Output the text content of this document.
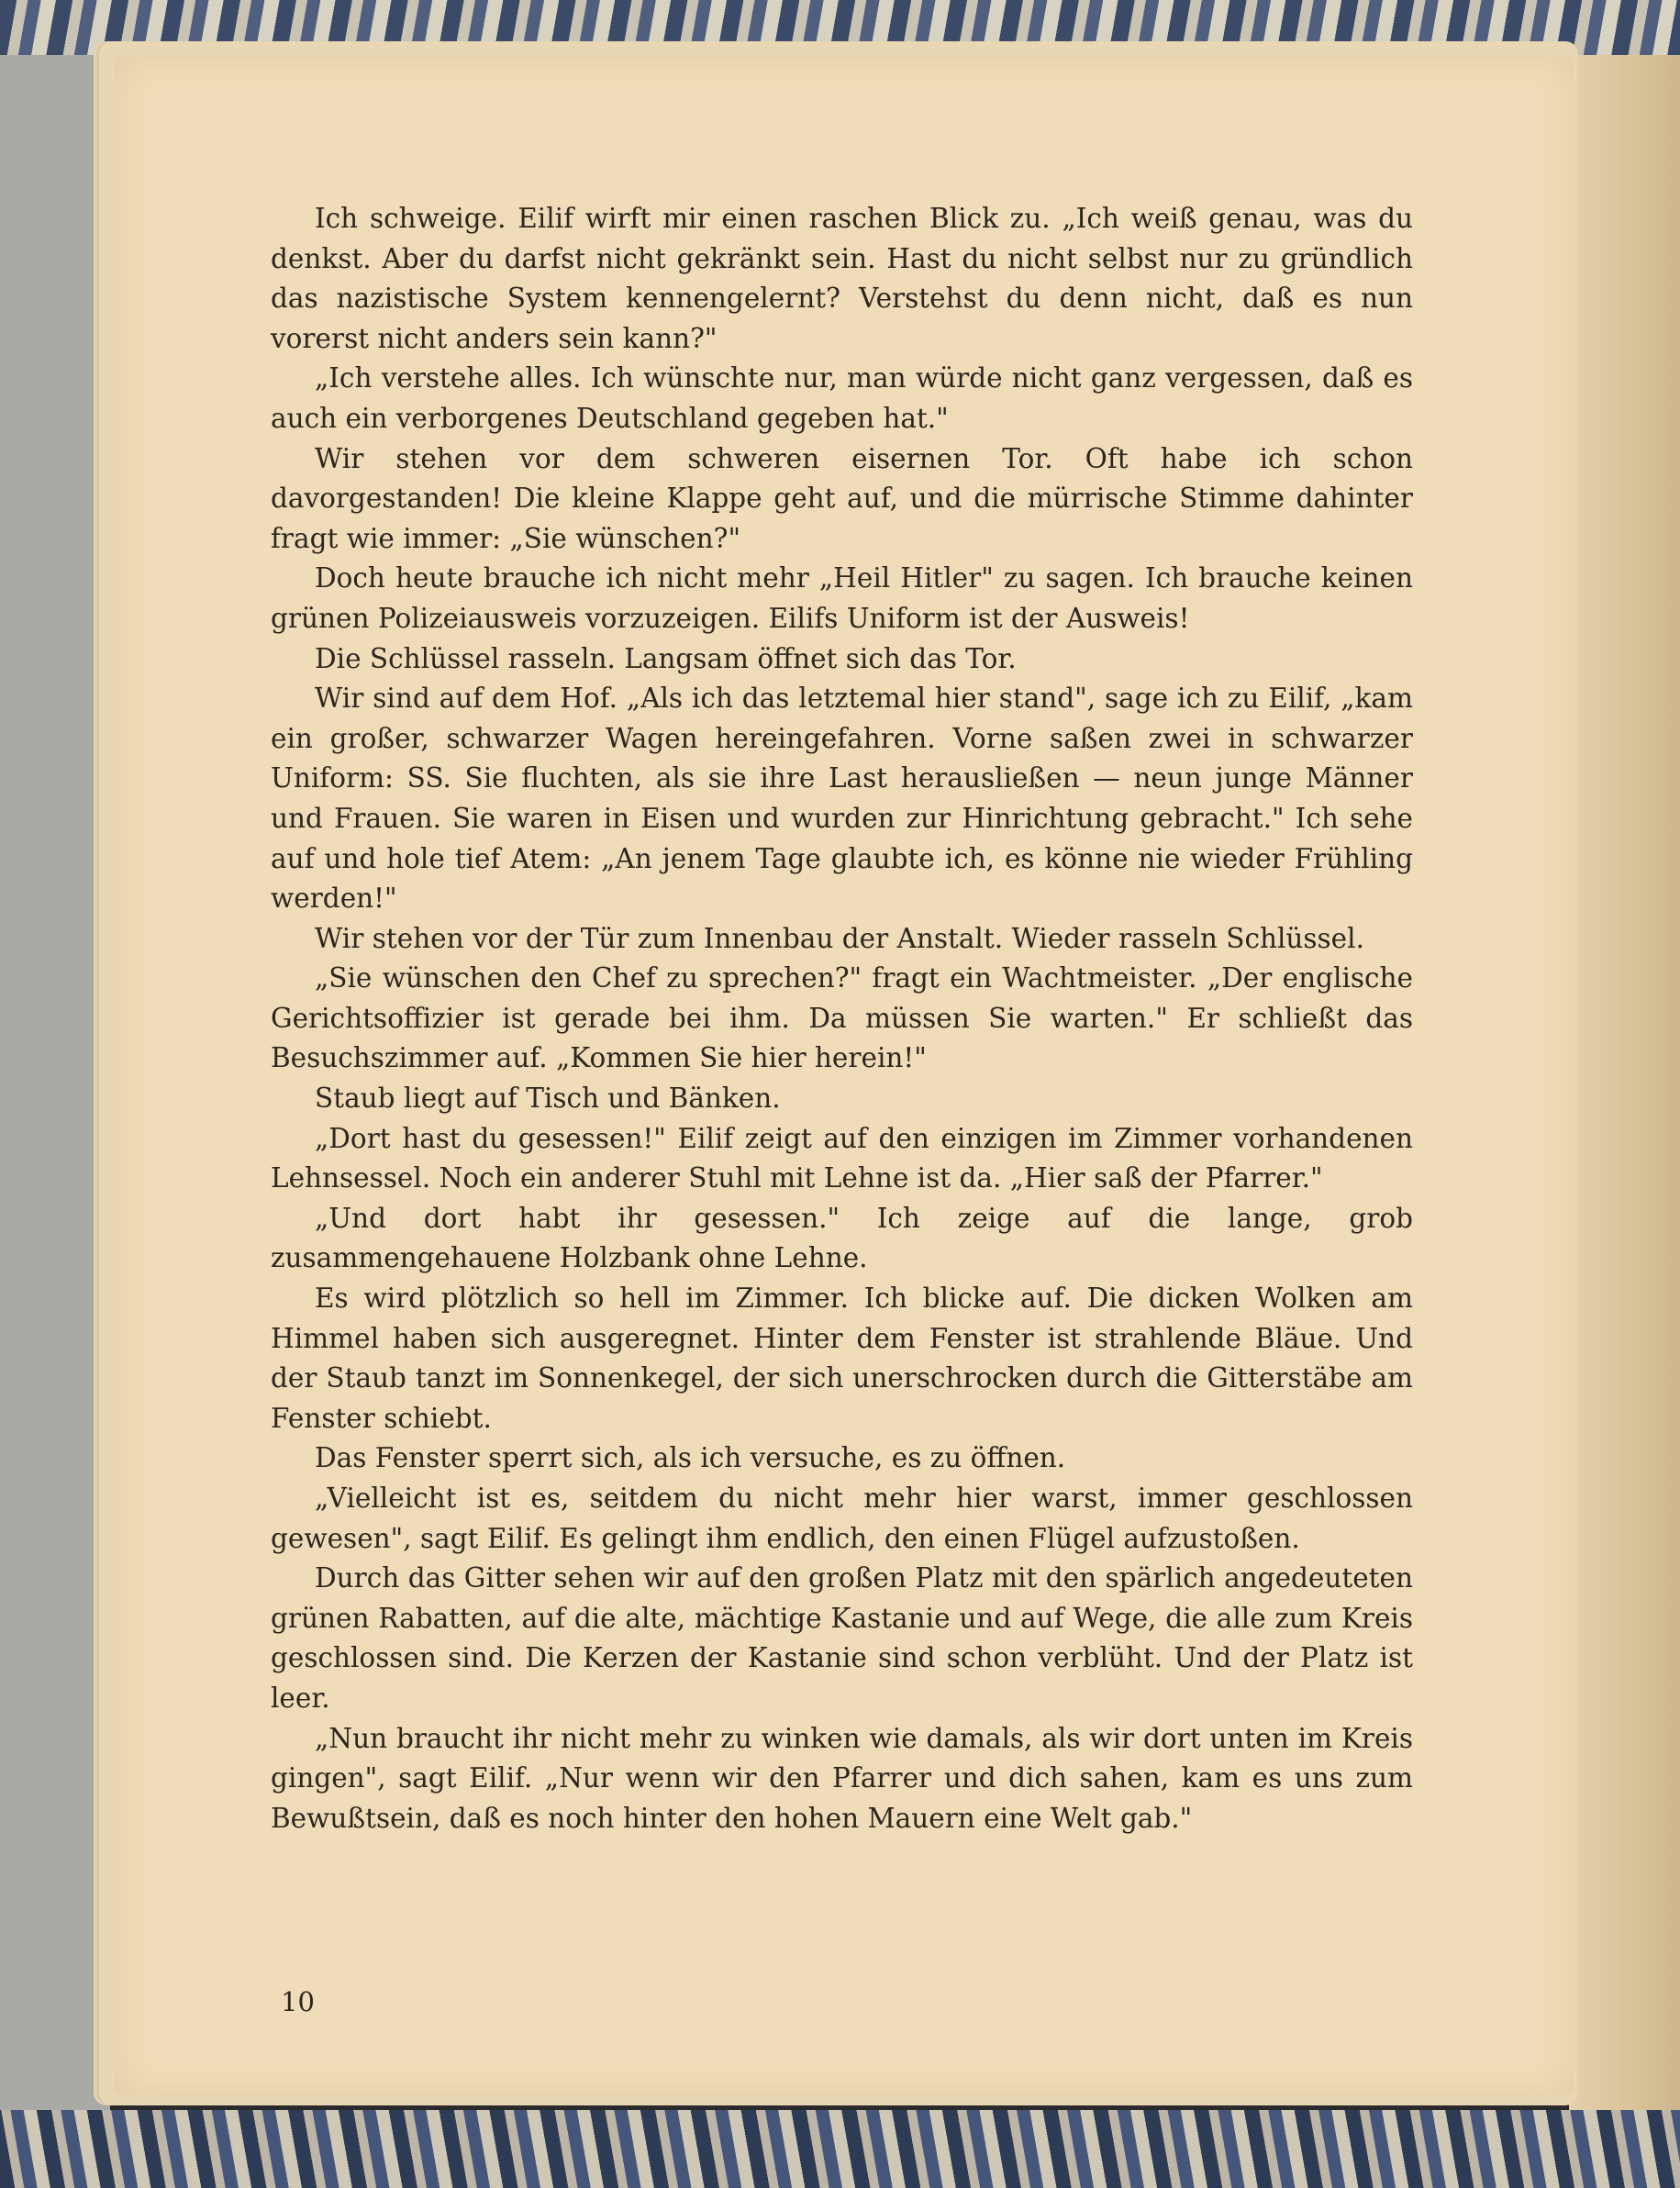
Ich schweige. Eilif wirft mir einen raschen Blick zu. „Ich weiß genau, was du denkst. Aber du darfst nicht gekränkt sein. Hast du nicht selbst nur zu gründlich das nazistische System kennengelernt? Verstehst du denn nicht, daß es nun vorerst nicht anders sein kann?"

„Ich verstehe alles. Ich wünschte nur, man würde nicht ganz vergessen, daß es auch ein verborgenes Deutschland gegeben hat."

Wir stehen vor dem schweren eisernen Tor. Oft habe ich schon davorgestanden! Die kleine Klappe geht auf, und die mürrische Stimme dahinter fragt wie immer: „Sie wünschen?"

Doch heute brauche ich nicht mehr „Heil Hitler" zu sagen. Ich brauche keinen grünen Polizeiausweis vorzuzeigen. Eilifs Uniform ist der Ausweis!

Die Schlüssel rasseln. Langsam öffnet sich das Tor.

Wir sind auf dem Hof. „Als ich das letztemal hier stand", sage ich zu Eilif, „kam ein großer, schwarzer Wagen hereingefahren. Vorne saßen zwei in schwarzer Uniform: SS. Sie fluchten, als sie ihre Last herausließen — neun junge Männer und Frauen. Sie waren in Eisen und wurden zur Hinrichtung gebracht." Ich sehe auf und hole tief Atem: „An jenem Tage glaubte ich, es könne nie wieder Frühling werden!"

Wir stehen vor der Tür zum Innenbau der Anstalt. Wieder rasseln Schlüssel.

„Sie wünschen den Chef zu sprechen?" fragt ein Wachtmeister. „Der englische Gerichtsoffizier ist gerade bei ihm. Da müssen Sie warten." Er schließt das Besuchszimmer auf. „Kommen Sie hier herein!"

Staub liegt auf Tisch und Bänken.

„Dort hast du gesessen!" Eilif zeigt auf den einzigen im Zimmer vorhandenen Lehnsessel. Noch ein anderer Stuhl mit Lehne ist da. „Hier saß der Pfarrer."

„Und dort habt ihr gesessen." Ich zeige auf die lange, grob zusammengehauene Holzbank ohne Lehne.

Es wird plötzlich so hell im Zimmer. Ich blicke auf. Die dicken Wolken am Himmel haben sich ausgeregnet. Hinter dem Fenster ist strahlende Bläue. Und der Staub tanzt im Sonnenkegel, der sich unerschrocken durch die Gitterstäbe am Fenster schiebt.

Das Fenster sperrt sich, als ich versuche, es zu öffnen.

„Vielleicht ist es, seitdem du nicht mehr hier warst, immer geschlossen gewesen", sagt Eilif. Es gelingt ihm endlich, den einen Flügel aufzustoßen.

Durch das Gitter sehen wir auf den großen Platz mit den spärlich angedeuteten grünen Rabatten, auf die alte, mächtige Kastanie und auf Wege, die alle zum Kreis geschlossen sind. Die Kerzen der Kastanie sind schon verblüht. Und der Platz ist leer.

„Nun braucht ihr nicht mehr zu winken wie damals, als wir dort unten im Kreis gingen", sagt Eilif. „Nur wenn wir den Pfarrer und dich sahen, kam es uns zum Bewußtsein, daß es noch hinter den hohen Mauern eine Welt gab."

10
